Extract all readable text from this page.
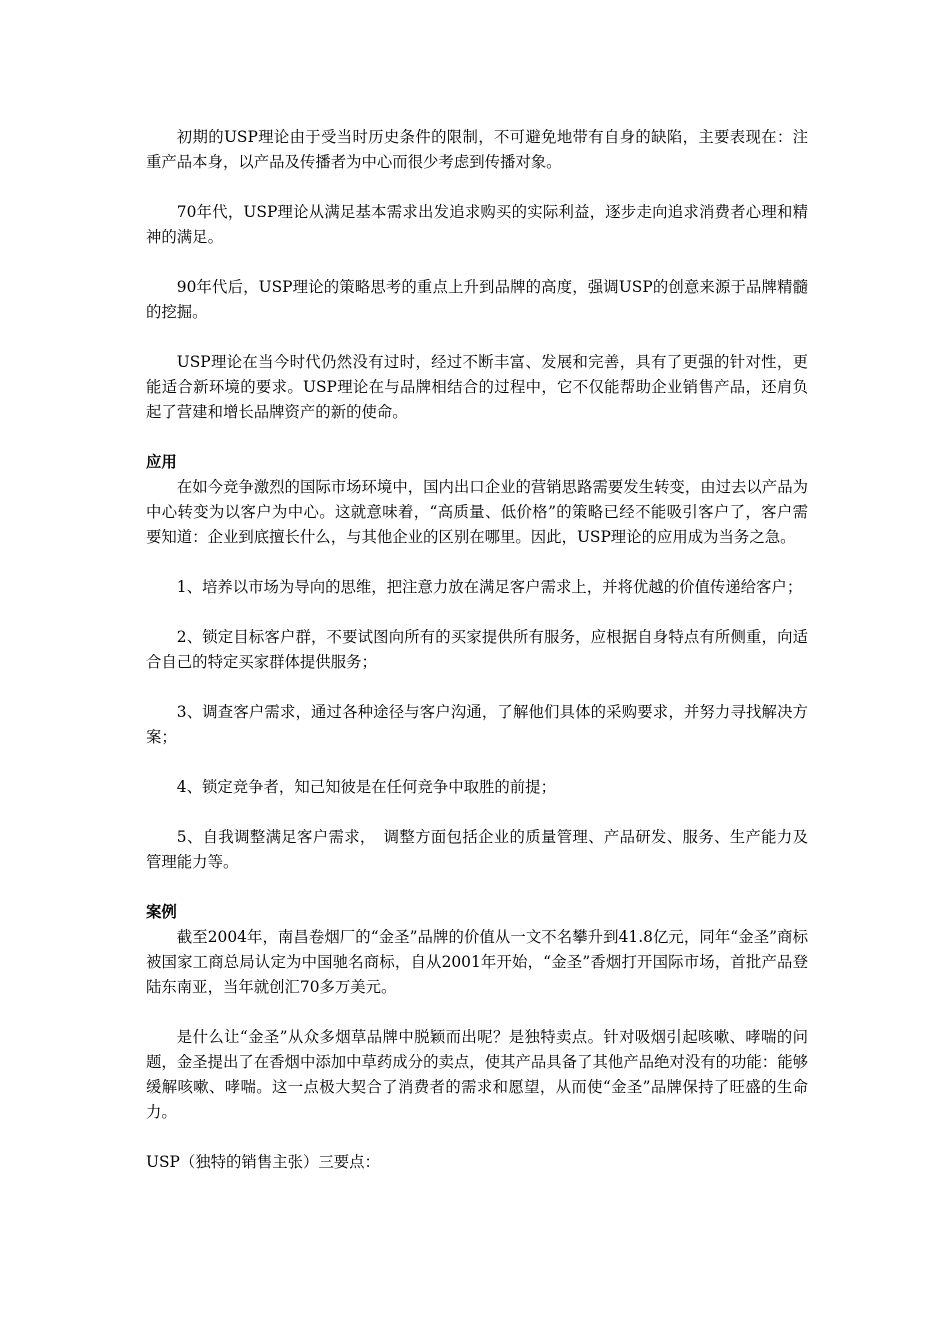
初期的USP理论由于受当时历史条件的限制，不可避免地带有自身的缺陷，主要表现在：注重产品本身，以产品及传播者为中心而很少考虑到传播对象。

70年代，USP理论从满足基本需求出发追求购买的实际利益，逐步走向追求消费者心理和精神的满足。

90年代后，USP理论的策略思考的重点上升到品牌的高度，强调USP的创意来源于品牌精髓的挖掘。

USP理论在当今时代仍然没有过时，经过不断丰富、发展和完善，具有了更强的针对性，更能适合新环境的要求。USP理论在与品牌相结合的过程中，它不仅能帮助企业销售产品，还肩负起了营建和增长品牌资产的新的使命。

应用

在如今竞争激烈的国际市场环境中，国内出口企业的营销思路需要发生转变，由过去以产品为中心转变为以客户为中心。这就意味着，“高质量、低价格”的策略已经不能吸引客户了，客户需要知道：企业到底擅长什么，与其他企业的区别在哪里。因此，USP理论的应用成为当务之急。

1、培养以市场为导向的思维，把注意力放在满足客户需求上，并将优越的价值传递给客户；

2、锁定目标客户群，不要试图向所有的买家提供所有服务，应根据自身特点有所侧重，向适合自己的特定买家群体提供服务；

3、调查客户需求，通过各种途径与客户沟通，了解他们具体的采购要求，并努力寻找解决方案；

4、锁定竞争者，知己知彼是在任何竞争中取胜的前提；

5、自我调整满足客户需求，　调整方面包括企业的质量管理、产品研发、服务、生产能力及管理能力等。

案例

截至2004年，南昌卷烟厂的“金圣”品牌的价值从一文不名攀升到41.8亿元，同年“金圣”商标被国家工商总局认定为中国驰名商标，自从2001年开始，“金圣”香烟打开国际市场，首批产品登陆东南亚，当年就创汇70多万美元。

是什么让“金圣”从众多烟草品牌中脱颖而出呢？是独特卖点。针对吸烟引起咳嗽、哮喘的问题，金圣提出了在香烟中添加中草药成分的卖点，使其产品具备了其他产品绝对没有的功能：能够缓解咳嗽、哮喘。这一点极大契合了消费者的需求和愿望，从而使“金圣”品牌保持了旺盛的生命力。

USP（独特的销售主张）三要点：
